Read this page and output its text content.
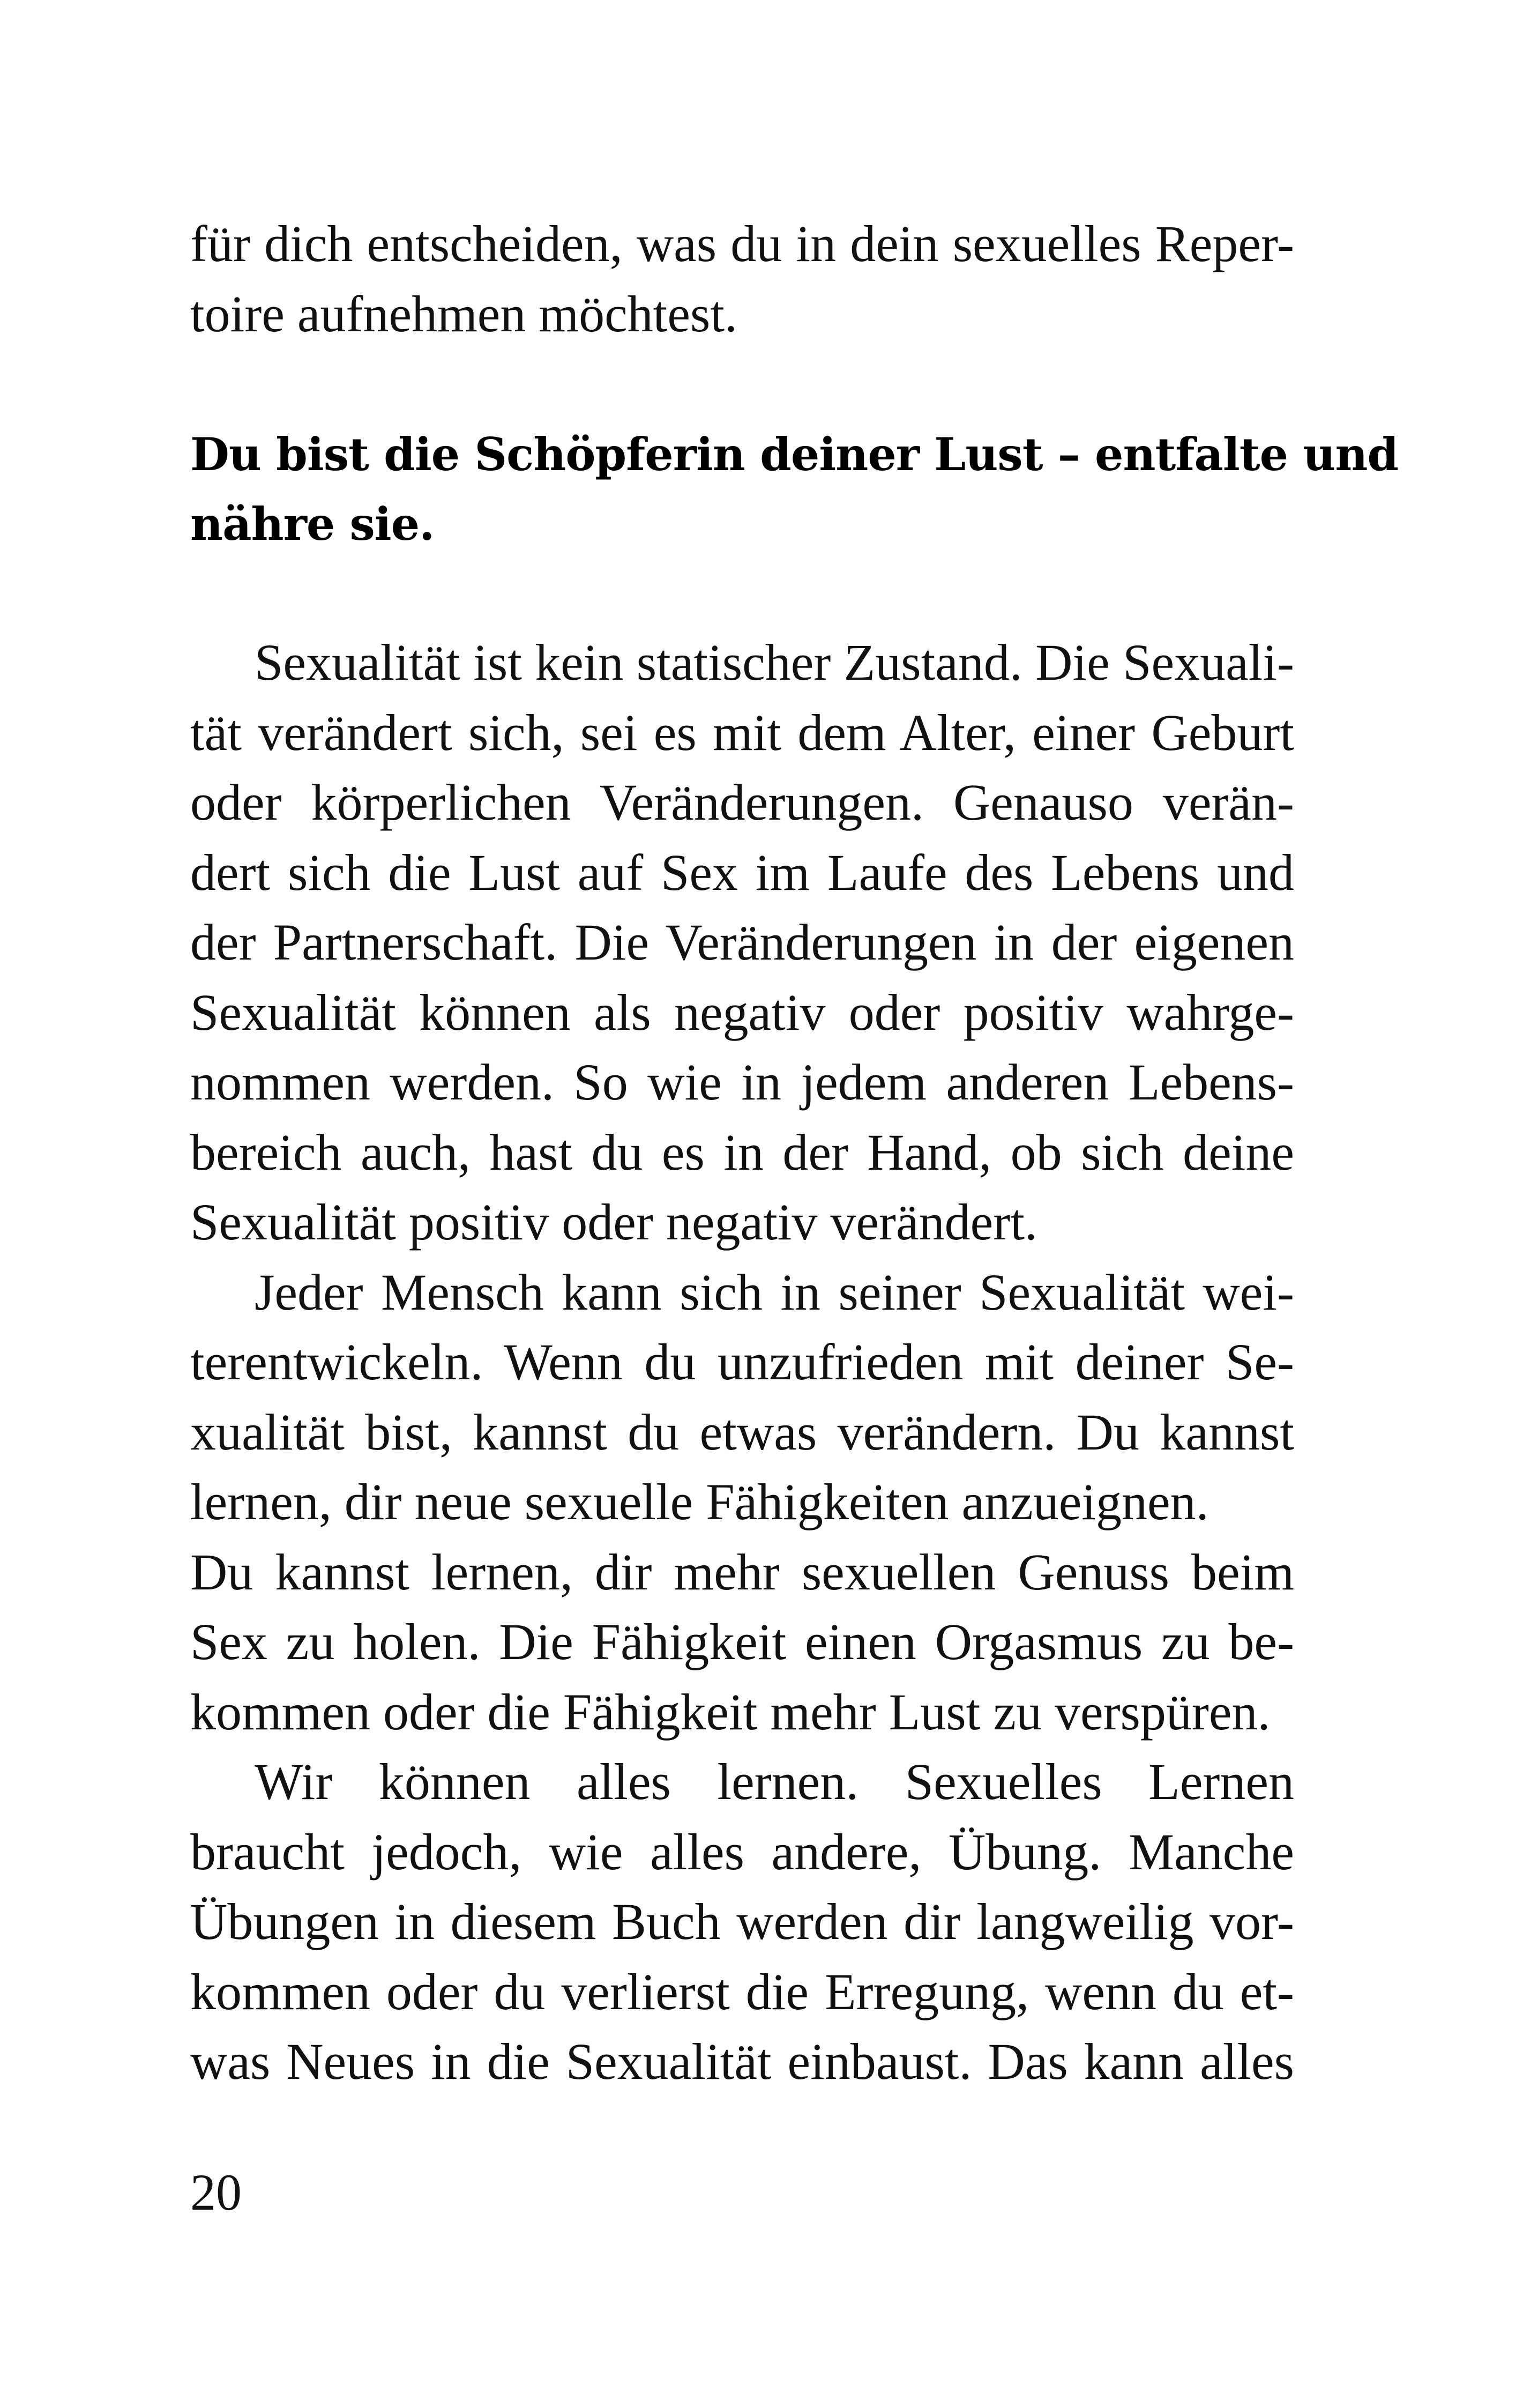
für dich entscheiden, was du in dein sexuelles Reper-
toire aufnehmen möchtest.
Du bist die Schöpferin deiner Lust – entfalte und
nähre sie.
Sexualität ist kein statischer Zustand. Die Sexuali-
tät verändert sich, sei es mit dem Alter, einer Geburt
oder körperlichen Veränderungen. Genauso verän-
dert sich die Lust auf Sex im Laufe des Lebens und
der Partnerschaft. Die Veränderungen in der eigenen
Sexualität können als negativ oder positiv wahrge-
nommen werden. So wie in jedem anderen Lebens-
bereich auch, hast du es in der Hand, ob sich deine
Sexualität positiv oder negativ verändert.
Jeder Mensch kann sich in seiner Sexualität wei-
terentwickeln. Wenn du unzufrieden mit deiner Se-
xualität bist, kannst du etwas verändern. Du kannst
lernen, dir neue sexuelle Fähigkeiten anzueignen.
Du kannst lernen, dir mehr sexuellen Genuss beim
Sex zu holen. Die Fähigkeit einen Orgasmus zu be-
kommen oder die Fähigkeit mehr Lust zu verspüren.
Wir können alles lernen. Sexuelles Lernen
braucht jedoch, wie alles andere, Übung. Manche
Übungen in diesem Buch werden dir langweilig vor-
kommen oder du verlierst die Erregung, wenn du et-
was Neues in die Sexualität einbaust. Das kann alles
20
